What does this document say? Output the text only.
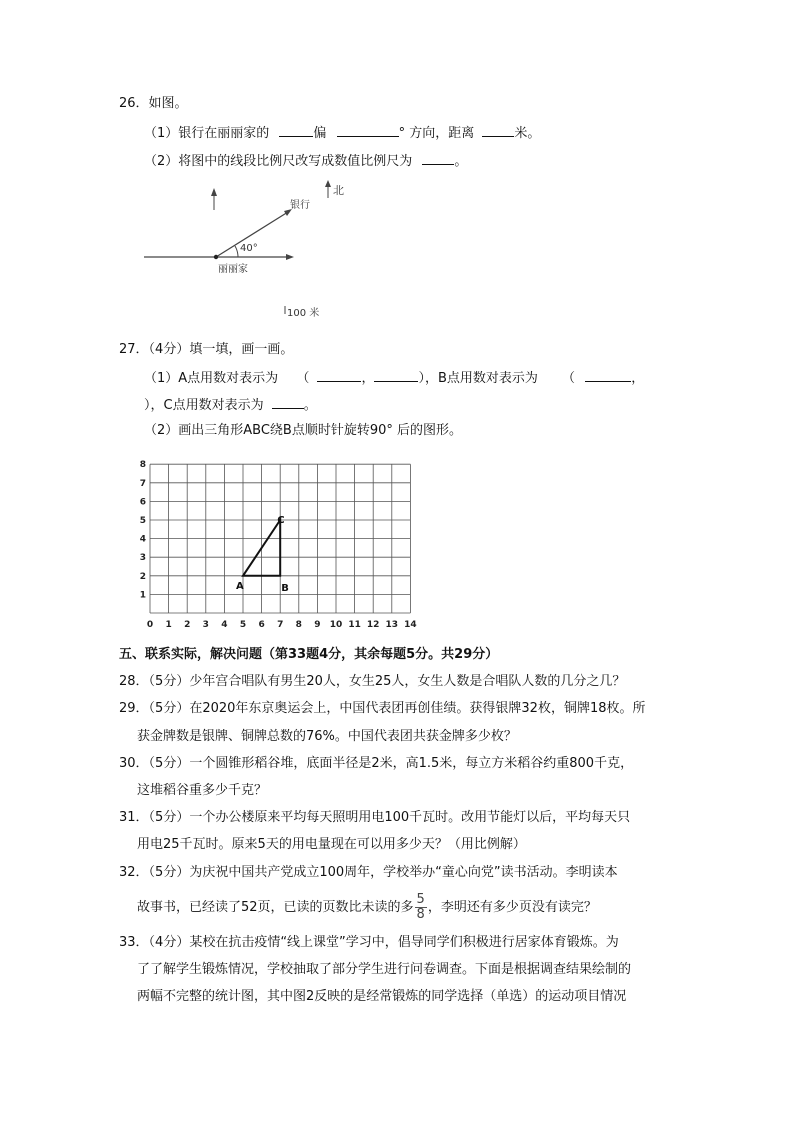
26．如图。
（1）银行在丽丽家的	偏	° 方向，距离	米。
（2）将图中的线段比例尺改写成数值比例尺为	。
北
40°
银行
丽丽家
100 米
27．（4分）填一填，画一画。
（1）A点用数对表示为 （	，	），B点用数对表示为 （	，
），C点用数对表示为	。
（2）画出三角形ABC绕B点顺时针旋转90° 后的图形。
0 1 2 3 4 5 6 7 8 9 10 11 12 13 14
1
2
3
4
5
6
7
8
A	B
C
五、联系实际，解决问题（第33题4分，其余每题5分。共29分）
28．（5分）少年宫合唱队有男生20人，女生25人，女生人数是合唱队人数的几分之几？
29．（5分）在2020年东京奥运会上，中国代表团再创佳绩。获得银牌32枚，铜牌18枚。所
获金牌数是银牌、铜牌总数的76%。中国代表团共获金牌多少枚？
30．（5分）一个圆锥形稻谷堆，底面半径是2米，高1.5米，每立方米稻谷约重800千克，
这堆稻谷重多少千克？
31．（5分）一个办公楼原来平均每天照明用电100千瓦时。改用节能灯以后，平均每天只
用电25千瓦时。原来5天的用电量现在可以用多少天？（用比例解）
32．（5分）为庆祝中国共产党成立100周年，学校举办“童心向党”读书活动。李明读本
故事书，已经读了52页，已读的页数比未读的多 $\frac{5}{8}$ ，李明还有多少页没有读完？
33．（4分）某校在抗击疫情“线上课堂”学习中，倡导同学们积极进行居家体育锻炼。为
了了解学生锻炼情况，学校抽取了部分学生进行问卷调查。下面是根据调查结果绘制的
两幅不完整的统计图，其中图2反映的是经常锻炼的同学选择（单选）的运动项目情况
